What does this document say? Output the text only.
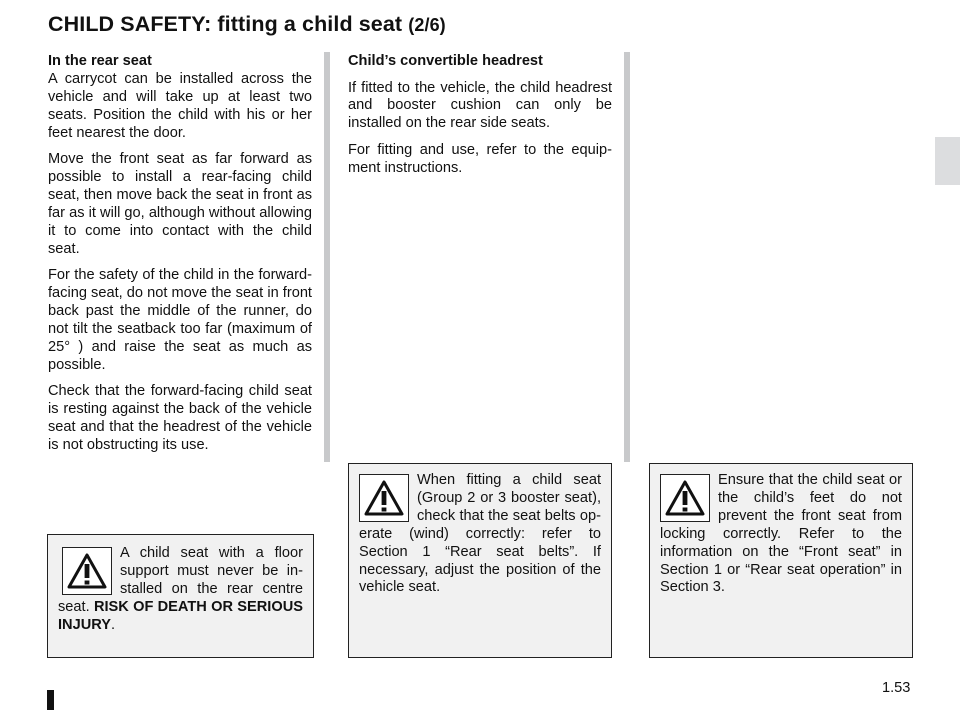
CHILD SAFETY: fitting a child seat (2/6)

In the rear seat
A carrycot can be installed across the vehicle and will take up at least two seats. Position the child with his or her feet nearest the door.

Move the front seat as far forward as possible to install a rear-facing child seat, then move back the seat in front as far as it will go, although without allowing it to come into contact with the child seat.

For the safety of the child in the forward-facing seat, do not move the seat in front back past the middle of the runner, do not tilt the seatback too far (maximum of 25° ) and raise the seat as much as possible.

Check that the forward-facing child seat is resting against the back of the vehicle seat and that the headrest of the vehicle is not obstructing its use.

Child’s convertible headrest

If fitted to the vehicle, the child headrest and booster cushion can only be installed on the rear side seats.

For fitting and use, refer to the equipment instructions.

A child seat with a floor support must never be installed on the rear centre seat. RISK OF DEATH OR SERIOUS INJURY.
When fitting a child seat (Group 2 or 3 booster seat), check that the seat belts operate (wind) correctly: refer to Section 1 “Rear seat belts”. If necessary, adjust the position of the vehicle seat.
Ensure that the child seat or the child’s feet do not prevent the front seat from locking correctly. Refer to the information on the “Front seat” in Section 1 or “Rear seat operation” in Section 3.
1.53
